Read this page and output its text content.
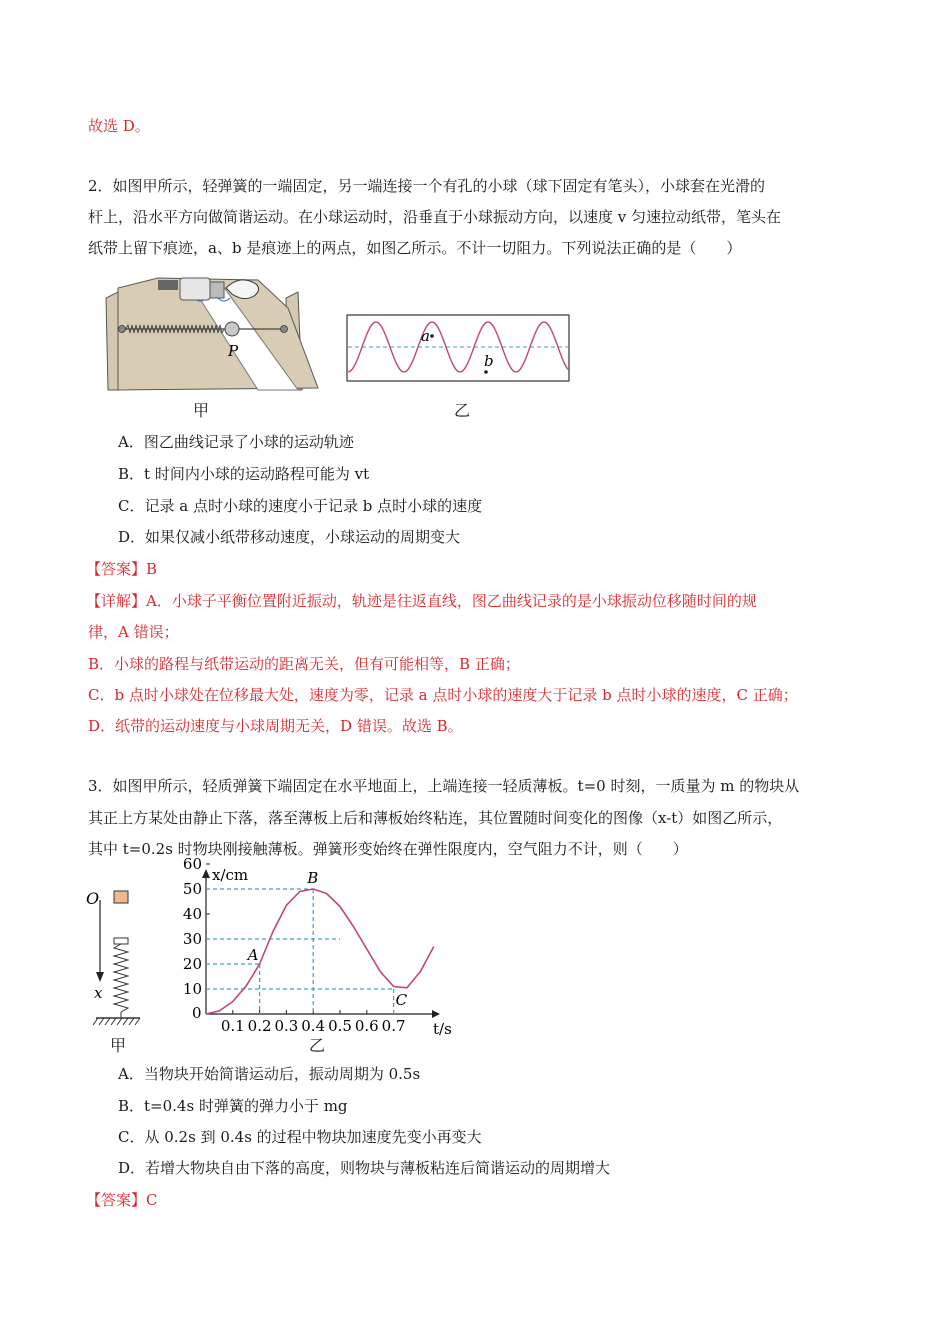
故选 D。
2．如图甲所示，轻弹簧的一端固定，另一端连接一个有孔的小球（球下固定有笔头），小球套在光滑的
杆上，沿水平方向做简谐运动。在小球运动时，沿垂直于小球振动方向，以速度 v 匀速拉动纸带，笔头在
纸带上留下痕迹，a、b 是痕迹上的两点，如图乙所示。不计一切阻力。下列说法正确的是（　　）
P
甲
a
b
乙
A．图乙曲线记录了小球的运动轨迹
B．t 时间内小球的运动路程可能为 vt
C．记录 a 点时小球的速度小于记录 b 点时小球的速度
D．如果仅减小纸带移动速度，小球运动的周期变大
【答案】B
【详解】A．小球子平衡位置附近振动，轨迹是往返直线，图乙曲线记录的是小球振动位移随时间的规
律，A 错误；
B．小球的路程与纸带运动的距离无关，但有可能相等，B 正确；
C．b 点时小球处在位移最大处，速度为零，记录 a 点时小球的速度大于记录 b 点时小球的速度，C 正确；
D．纸带的运动速度与小球周期无关，D 错误。故选 B。
3．如图甲所示，轻质弹簧下端固定在水平地面上，上端连接一轻质薄板。t=0 时刻，一质量为 m 的物块从
其正上方某处由静止下落，落至薄板上后和薄板始终粘连，其位置随时间变化的图像（x-t）如图乙所示，
其中 t=0.2s 时物块刚接触薄板。弹簧形变始终在弹性限度内，空气阻力不计，则（　　）
O
x
甲
x/cm
t/s
0
10
20
30
40
50
60
0.1 0.2 0.3 0.4 0.5 0.6 0.7
A
B
C
乙
A．当物块开始简谐运动后，振动周期为 0.5s
B．t=0.4s 时弹簧的弹力小于 mg
C．从 0.2s 到 0.4s 的过程中物块加速度先变小再变大
D．若增大物块自由下落的高度，则物块与薄板粘连后简谐运动的周期增大
【答案】C
